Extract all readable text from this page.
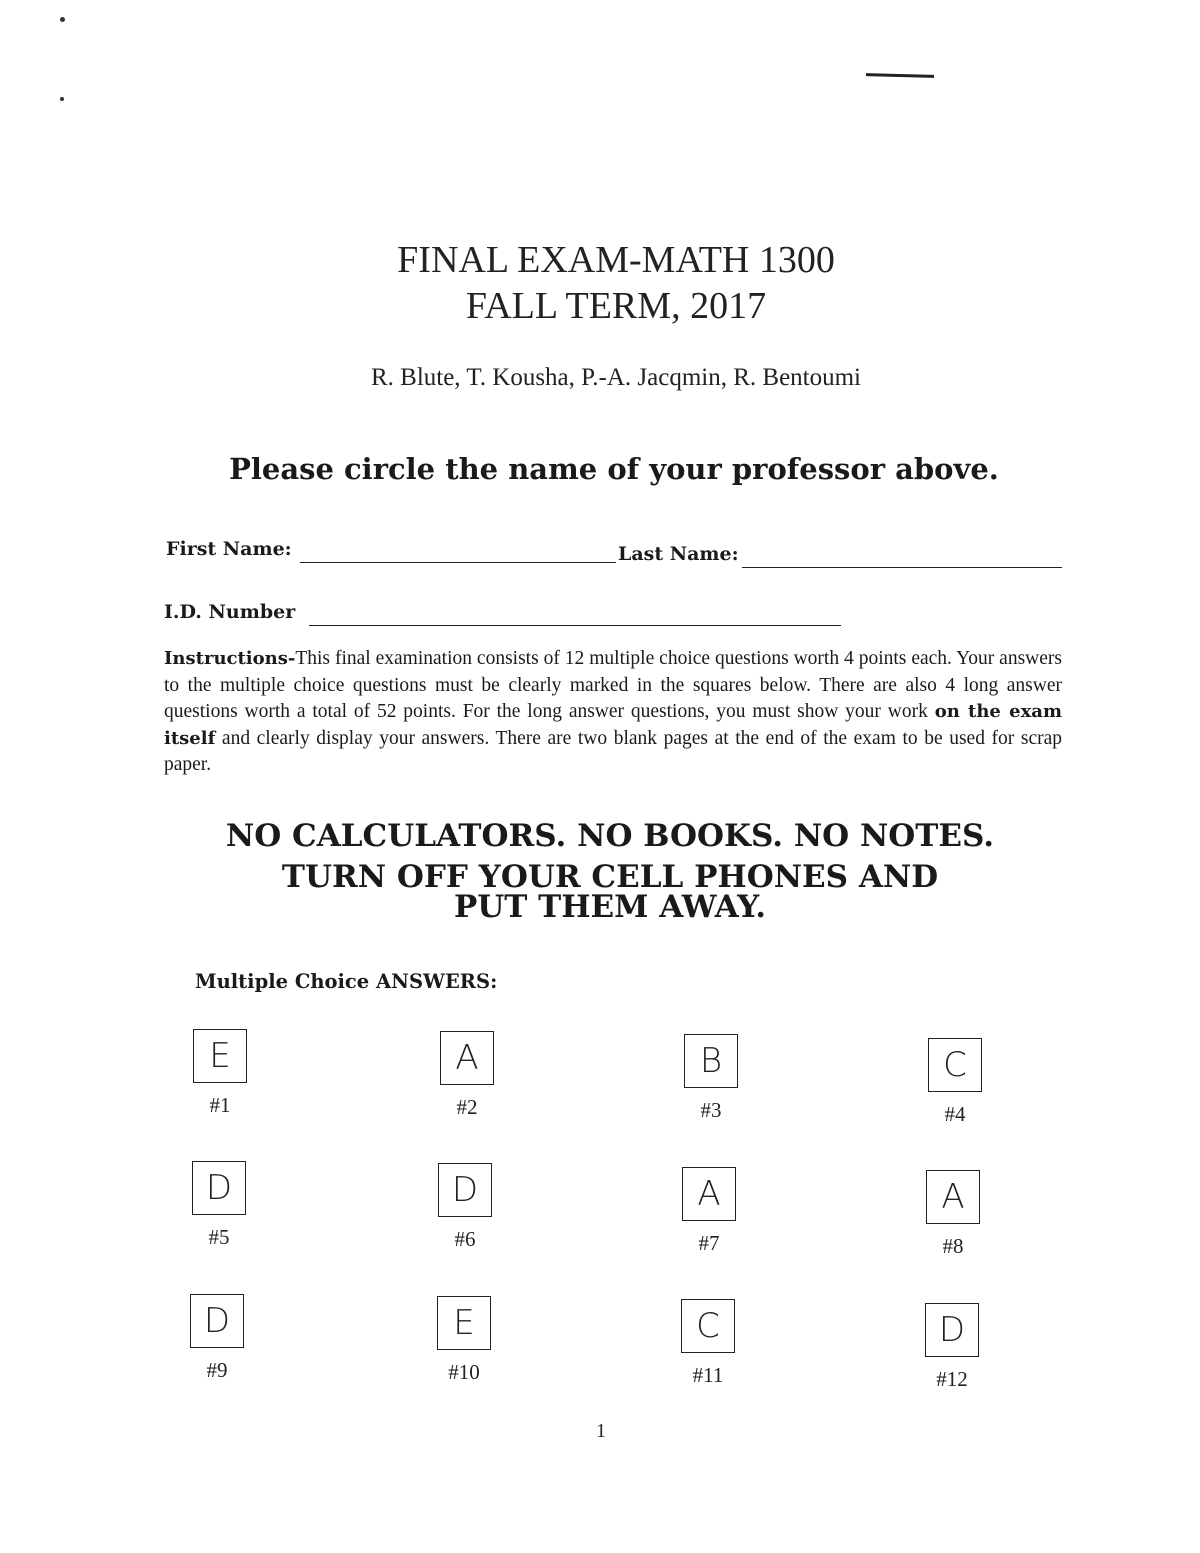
FINAL EXAM-MATH 1300
FALL TERM, 2017
R. Blute, T. Kousha, P.-A. Jacqmin, R. Bentoumi
Please circle the name of your professor above.
First Name:	Last Name:
I.D. Number
Instructions-This final examination consists of 12 multiple choice questions worth 4 points each. Your answers to the multiple choice questions must be clearly marked in the squares below. There are also 4 long answer questions worth a total of 52 points. For the long answer questions, you must show your work on the exam itself and clearly display your answers. There are two blank pages at the end of the exam to be used for scrap paper.
NO CALCULATORS. NO BOOKS. NO NOTES.
TURN OFF YOUR CELL PHONES AND
PUT THEM AWAY.
Multiple Choice ANSWERS:
E
#1
A
#2
B
#3
C
#4
D
#5
D
#6
A
#7
A
#8
D
#9
E
#10
C
#11
D
#12
1
